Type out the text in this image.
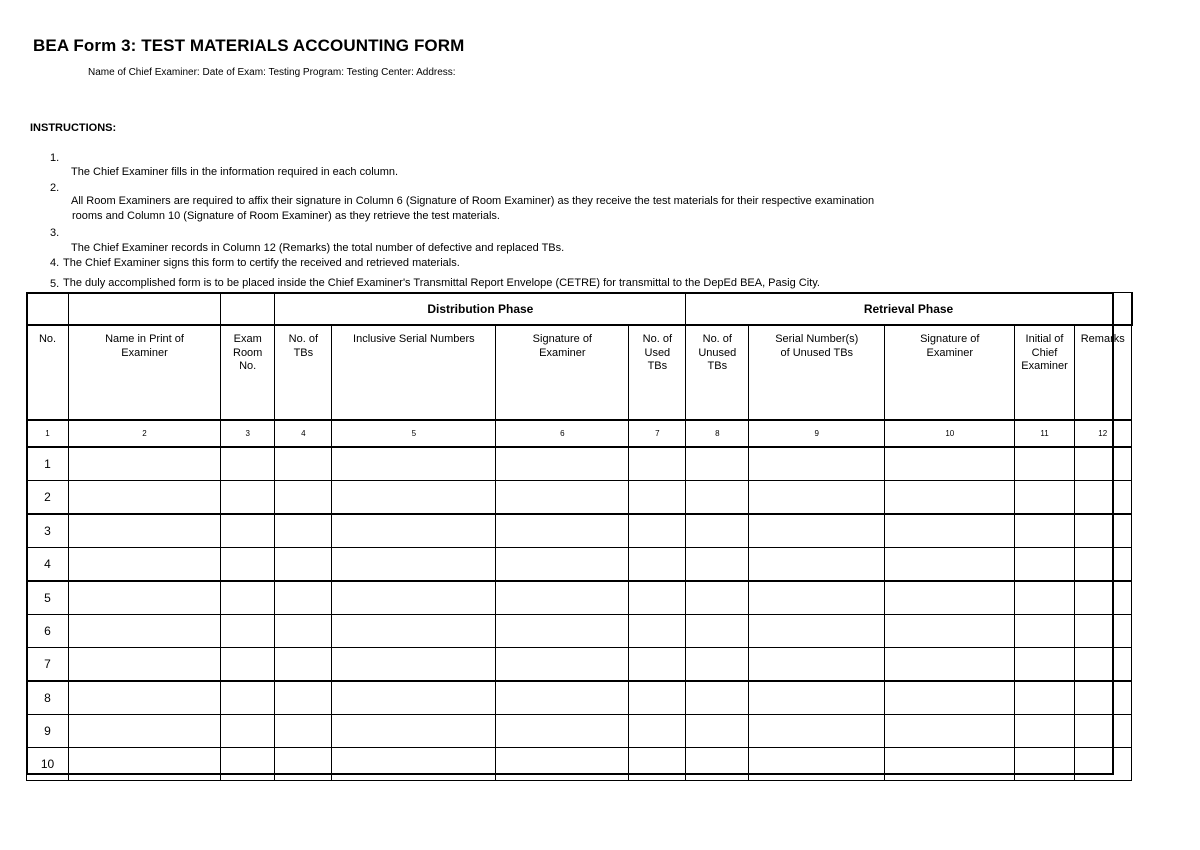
BEA Form 3: TEST MATERIALS ACCOUNTING FORM
Name of Chief Examiner: Date of Exam: Testing Program: Testing Center: Address:
INSTRUCTIONS:
1.
The Chief Examiner fills in the information required in each column.
2.
All Room Examiners are required to affix their signature in Column 6 (Signature of Room Examiner) as they receive the test materials for their respective examination
rooms and Column 10 (Signature of Room Examiner) as they retrieve the test materials.
3.
The Chief Examiner records in Column 12 (Remarks) the total number of defective and replaced TBs.
4. The Chief Examiner signs this form to certify the received and retrieved materials.
5. The duly accomplished form is to be placed inside the Chief Examiner's Transmittal Report Envelope (CETRE) for transmittal to the DepEd BEA, Pasig City.
			Distribution Phase				Retrieval Phase					
No.	Name in Print of Examiner	Exam Room No.	No. of TBs	Inclusive Serial Numbers	Signature of Examiner	No. of Used TBs	No. of Unused TBs	Serial Number(s) of Unused TBs	Signature of Examiner	Initial of Chief Examiner	Remarks	

1	2	3	4	5	6	7	8	9	10	11	12	
1												
2												
3												
4												
5												
6												
7												
8												
9												
10												
